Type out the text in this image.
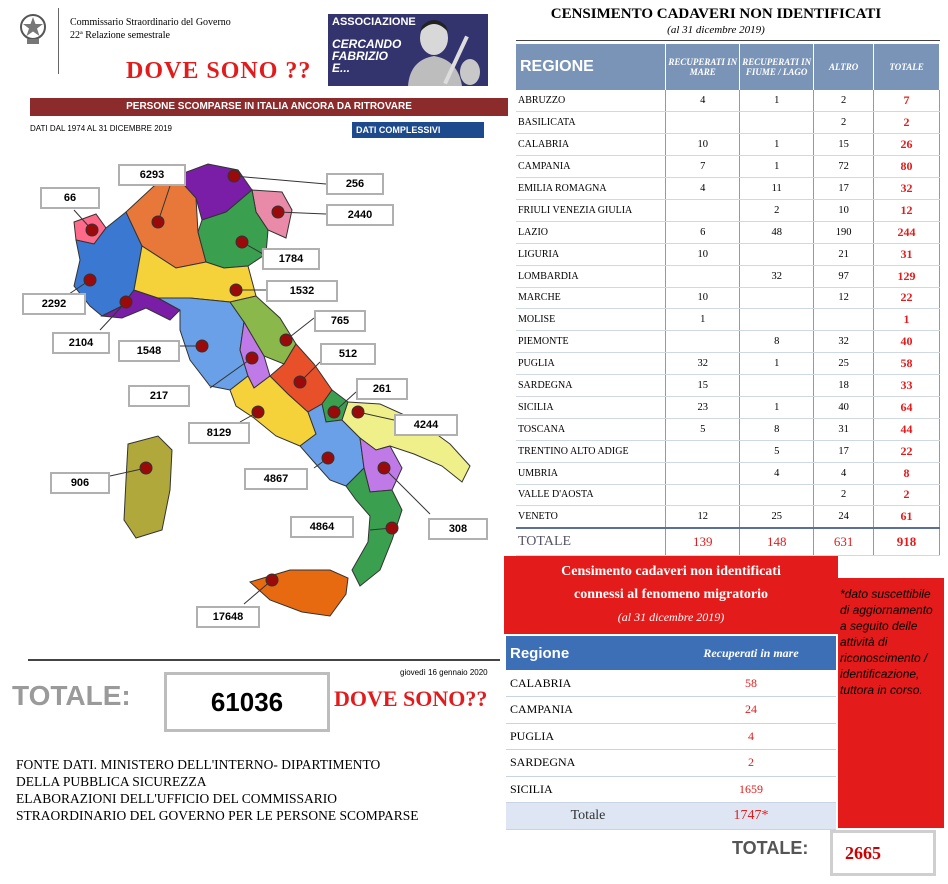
Commissario Straordinario del Governo
22ª Relazione semestrale
DOVE SONO ??
ASSOCIAZIONE
CERCANDO
FABRIZIO
E...
PERSONE SCOMPARSE IN ITALIA ANCORA DA RITROVARE
DATI DAL 1974 AL 31 DICEMBRE 2019	DATI COMPLESSIVI
66
6293
256
2440
1784
2292
1532
2104
765
1548	512
217
261
8129
4244
906	4867
4864	308
17648
giovedì 16 gennaio 2020
TOTALE:	61036	DOVE SONO??
FONTE DATI. MINISTERO DELL'INTERNO- DIPARTIMENTO
DELLA PUBBLICA SICUREZZA
ELABORAZIONI DELL'UFFICIO DEL COMMISSARIO
STRAORDINARIO DEL GOVERNO PER LE PERSONE SCOMPARSE
CENSIMENTO CADAVERI NON IDENTIFICATI
(al 31 dicembre 2019)
REGIONE	RECUPERATI IN MARE	RECUPERATI IN FIUME / LAGO	ALTRO	TOTALE
ABRUZZO	4	1	2	7
BASILICATA			2	2
CALABRIA	10	1	15	26
CAMPANIA	7	1	72	80
EMILIA ROMAGNA	4	11	17	32
FRIULI VENEZIA GIULIA		2	10	12
LAZIO	6	48	190	244
LIGURIA	10		21	31
LOMBARDIA		32	97	129
MARCHE	10		12	22
MOLISE	1			1
PIEMONTE		8	32	40
PUGLIA	32	1	25	58
SARDEGNA	15		18	33
SICILIA	23	1	40	64
TOSCANA	5	8	31	44
TRENTINO ALTO ADIGE		5	17	22
UMBRIA		4	4	8
VALLE D'AOSTA			2	2
VENETO	12	25	24	61
TOTALE	139	148	631	918
Censimento cadaveri non identificati
connessi al fenomeno migratorio
(al 31 dicembre 2019)
*dato suscettibile di aggiornamento a seguito delle attività di riconoscimento / identificazione, tuttora in corso.
Regione	Recuperati in mare
CALABRIA	58
CAMPANIA	24
PUGLIA	4
SARDEGNA	2
SICILIA	1659
Totale	1747*
TOTALE:	2665
